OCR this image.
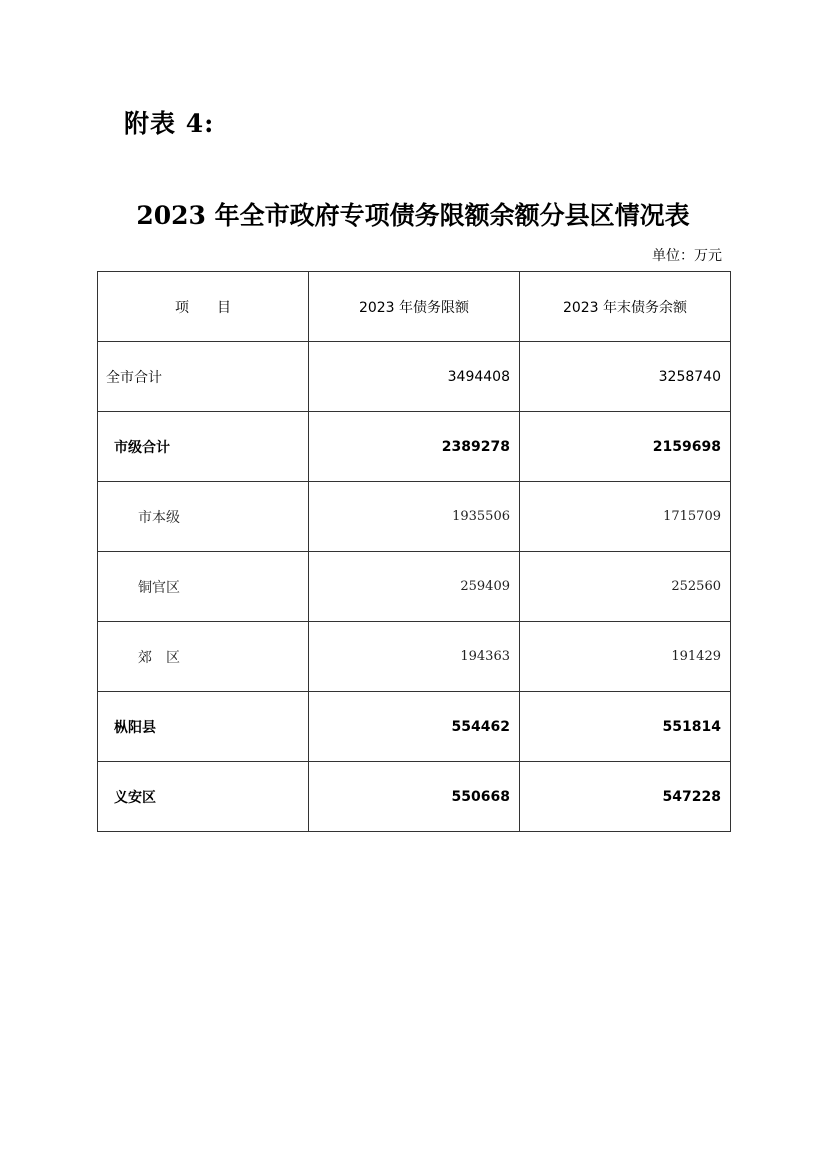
附表 4:
2023 年全市政府专项债务限额余额分县区情况表
单位：万元
项　　目	2023 年债务限额	2023 年末债务余额
全市合计	3494408	3258740
市级合计	2389278	2159698
市本级	1935506	1715709
铜官区	259409	252560
郊　区	194363	191429
枞阳县	554462	551814
义安区	550668	547228
